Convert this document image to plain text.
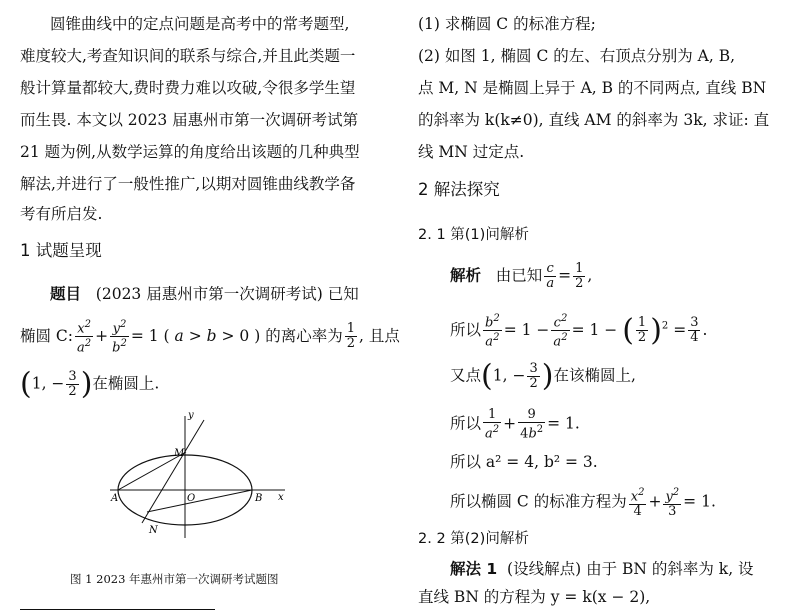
圆锥曲线中的定点问题是高考中的常考题型,
难度较大,考查知识间的联系与综合,并且此类题一
般计算量都较大,费时费力难以攻破,令很多学生望
而生畏. 本文以 2023 届惠州市第一次调研考试第
21 题为例,从数学运算的角度给出该题的几种典型
解法,并进行了一般性推广,以期对圆锥曲线教学备
考有所启发.
1 试题呈现
题目 (2023 届惠州市第一次调研考试) 已知
椭圆 C: $\frac{x^2}{a^2} + \frac{y^2}{b^2} = 1$ ( a > b > 0 ) 的离心率为 $\frac{1}{2}$ , 且点
(1, − $\frac{3}{2}$ )在椭圆上.
y
x
M
N
A	O	B
图 1 2023 年惠州市第一次调研考试题图
(1) 求椭圆 C 的标准方程;
(2) 如图 1, 椭圆 C 的左、右顶点分别为 A, B,
点 M, N 是椭圆上异于 A, B 的不同两点, 直线 BN
的斜率为 k(k≠0), 直线 AM 的斜率为 3k, 求证: 直
线 MN 过定点.
2 解法探究
2. 1 第(1)问解析
解析 由已知 $\frac{c}{a} = \frac{1}{2}$ ,
所以 $\frac{b^2}{a^2} = 1 - \frac{c^2}{a^2} = 1$ − ( $\frac{1}{2} )^2 = \frac{3}{4}$ .
又点(1, − $\frac{3}{2}$ )在该椭圆上,
所以 $\frac{1}{a^2} + \frac{9}{4b^2} = 1$.
所以 a² = 4, b² = 3.
所以椭圆 C 的标准方程为 $\frac{x^2}{4} + \frac{y^2}{3} = 1$.
2. 2 第(2)问解析
解法 1 (设线解点) 由于 BN 的斜率为 k, 设
直线 BN 的方程为 y = k(x − 2),
